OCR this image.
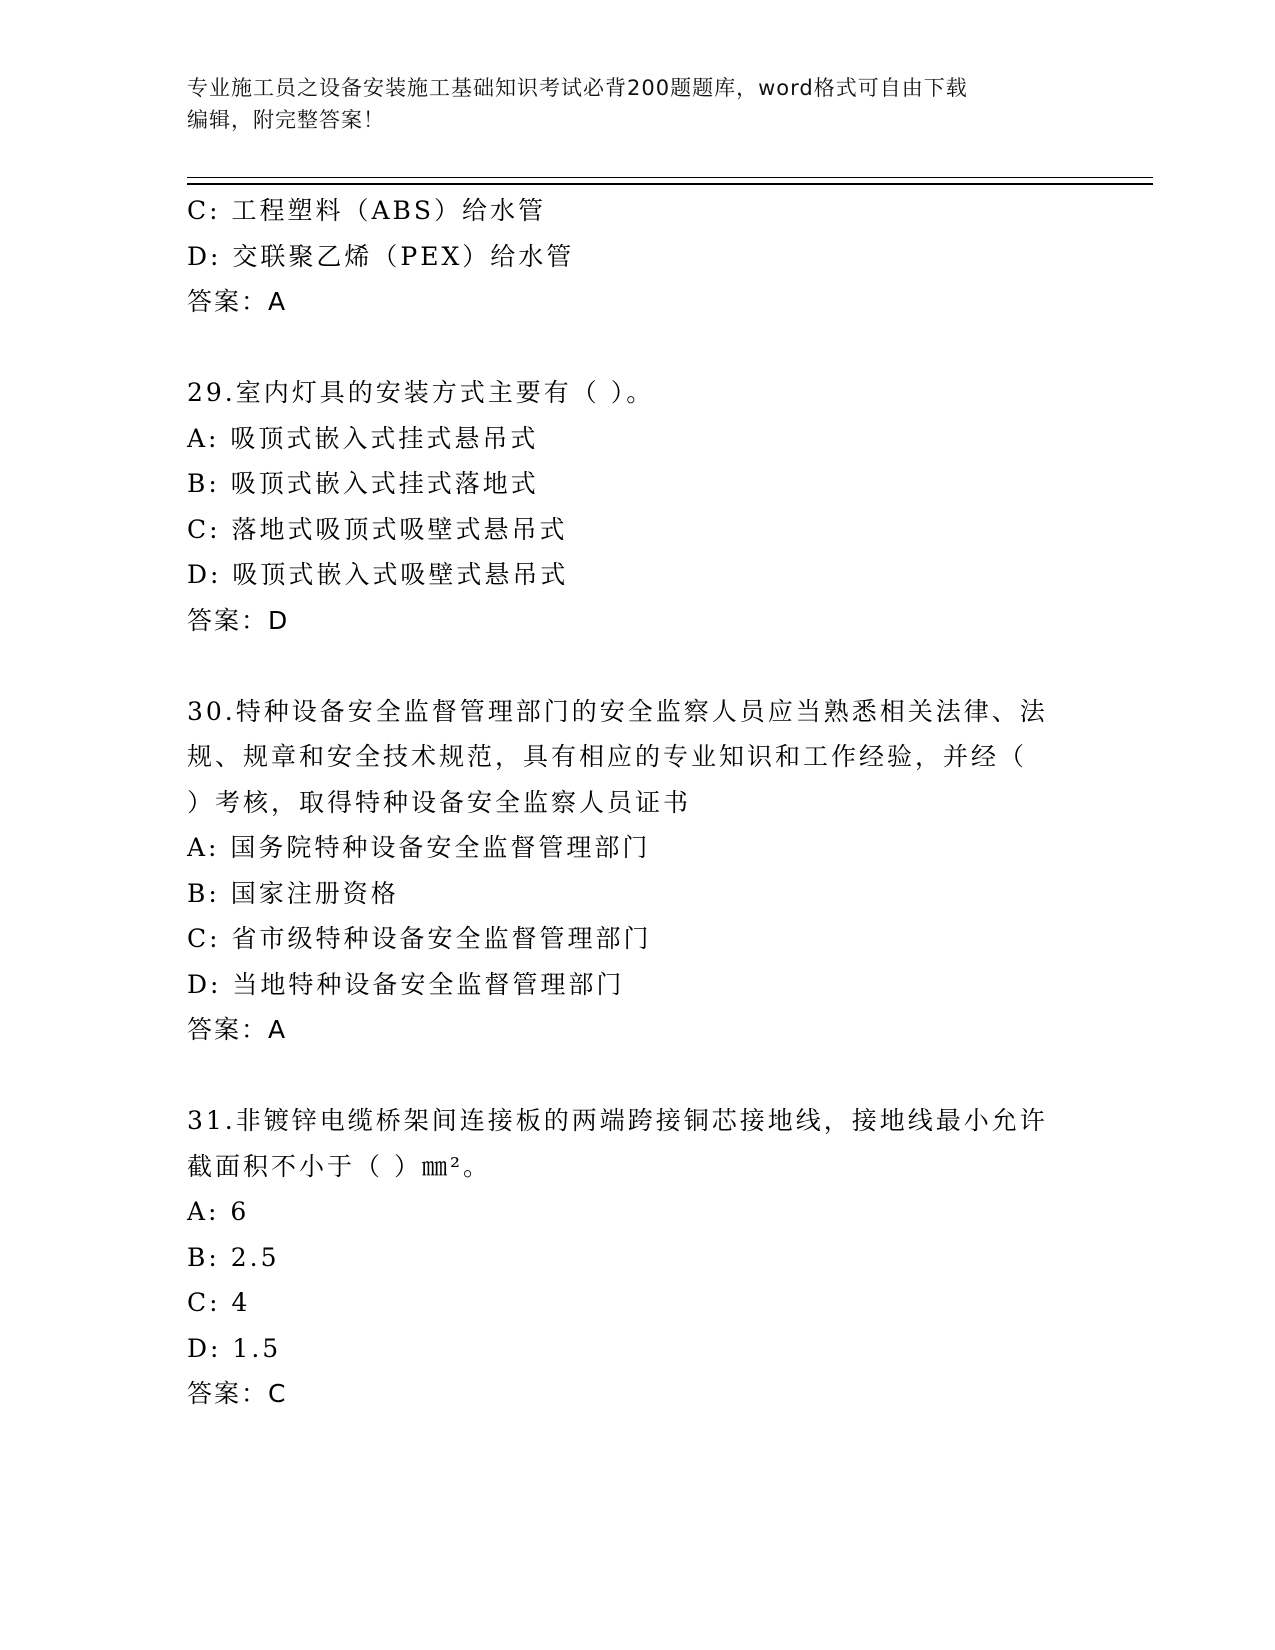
专业施工员之设备安装施工基础知识考试必背200题题库，word格式可自由下载
编辑，附完整答案！

C: 工程塑料（ABS）给水管

D: 交联聚乙烯（PEX）给水管

答案：A

29.室内灯具的安装方式主要有（ ）。

A: 吸顶式嵌入式挂式悬吊式

B: 吸顶式嵌入式挂式落地式

C: 落地式吸顶式吸壁式悬吊式

D: 吸顶式嵌入式吸壁式悬吊式

答案：D

30.特种设备安全监督管理部门的安全监察人员应当熟悉相关法律、法

规、规章和安全技术规范，具有相应的专业知识和工作经验，并经（

）考核，取得特种设备安全监察人员证书

A: 国务院特种设备安全监督管理部门

B: 国家注册资格

C: 省市级特种设备安全监督管理部门

D: 当地特种设备安全监督管理部门

答案：A

31.非镀锌电缆桥架间连接板的两端跨接铜芯接地线，接地线最小允许

截面积不小于（ ）㎜²。

A: 6

B: 2.5

C: 4

D: 1.5

答案：C
